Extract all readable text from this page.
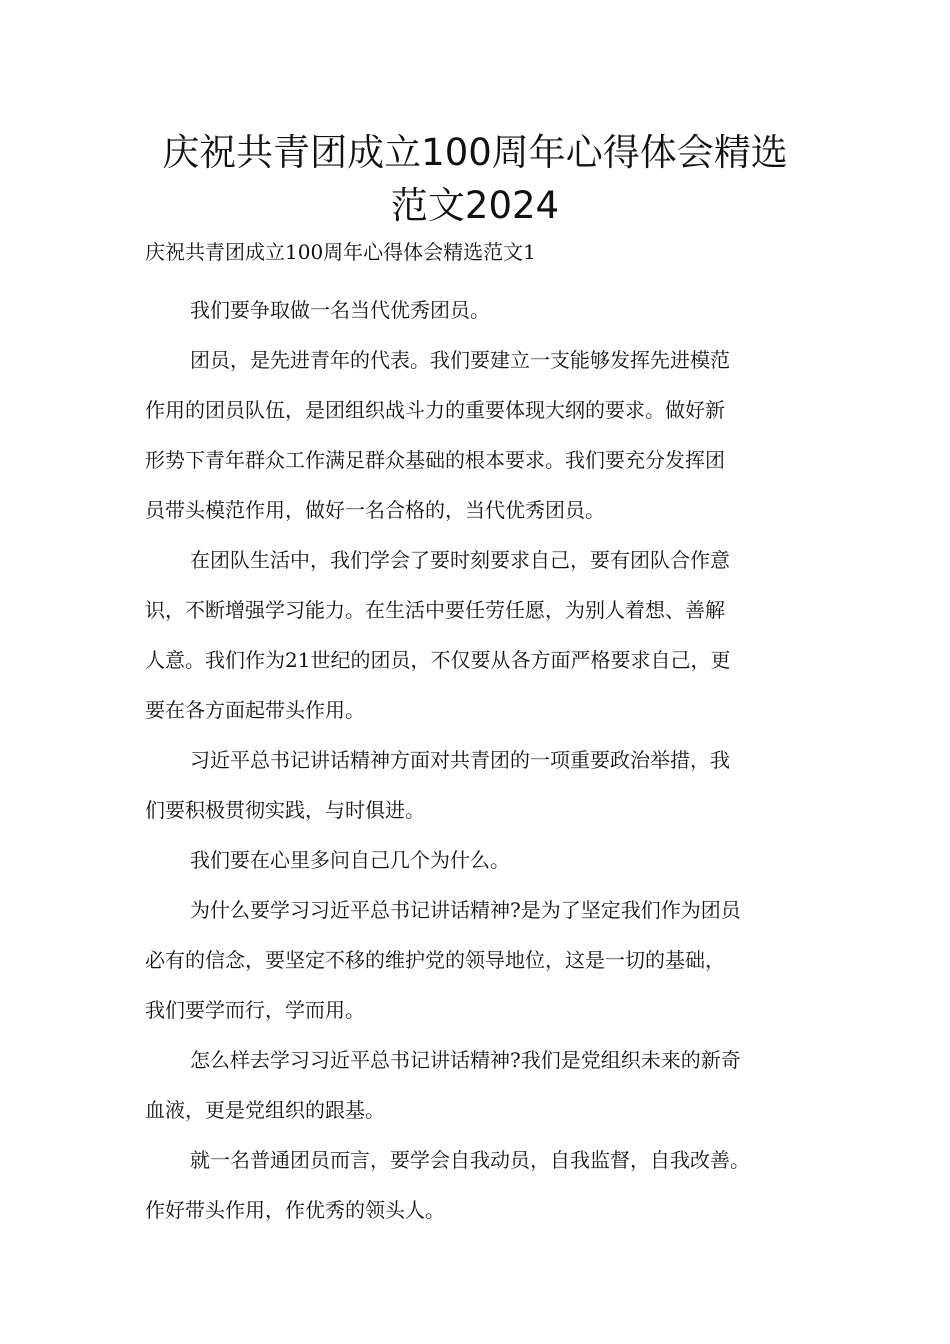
庆祝共青团成立100周年心得体会精选
范文2024
庆祝共青团成立100周年心得体会精选范文1

我们要争取做一名当代优秀团员。

团员，是先进青年的代表。我们要建立一支能够发挥先进模范
作用的团员队伍，是团组织战斗力的重要体现大纲的要求。做好新
形势下青年群众工作满足群众基础的根本要求。我们要充分发挥团
员带头模范作用，做好一名合格的，当代优秀团员。

在团队生活中，我们学会了要时刻要求自己，要有团队合作意
识，不断增强学习能力。在生活中要任劳任愿，为别人着想、善解
人意。我们作为21世纪的团员，不仅要从各方面严格要求自己，更
要在各方面起带头作用。

习近平总书记讲话精神方面对共青团的一项重要政治举措，我
们要积极贯彻实践，与时俱进。

我们要在心里多问自己几个为什么。

为什么要学习习近平总书记讲话精神?是为了坚定我们作为团员
必有的信念，要坚定不移的维护党的领导地位，这是一切的基础，
我们要学而行，学而用。

怎么样去学习习近平总书记讲话精神?我们是党组织未来的新奇
血液，更是党组织的跟基。

就一名普通团员而言，要学会自我动员，自我监督，自我改善。
作好带头作用，作优秀的领头人。
